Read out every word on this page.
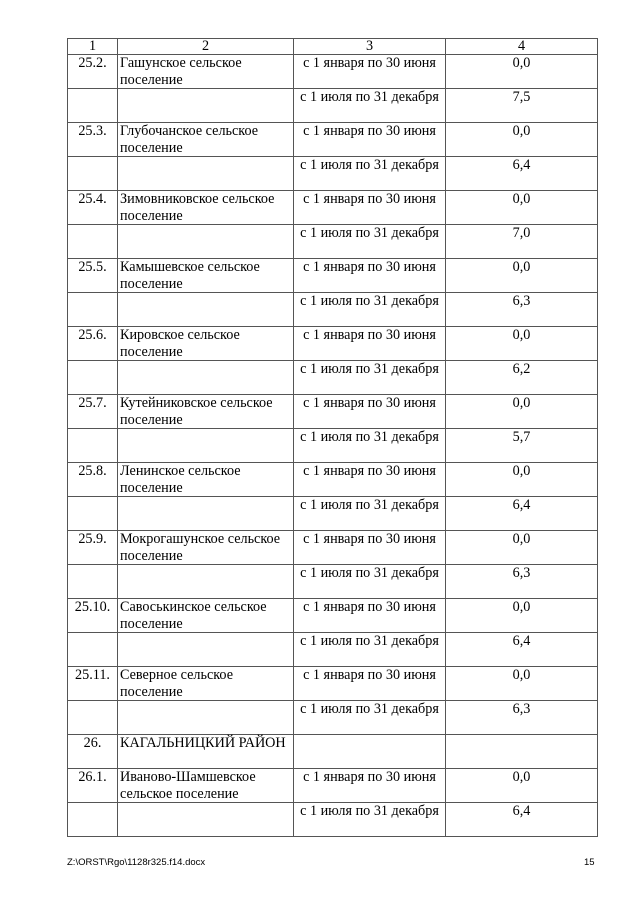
1	2	3	4
25.2.	Гашунское сельское поселение	с 1 января по 30 июня	0,0
		с 1 июля по 31 декабря	7,5
25.3.	Глубочанское сельское поселение	с 1 января по 30 июня	0,0
		с 1 июля по 31 декабря	6,4
25.4.	Зимовниковское сельское поселение	с 1 января по 30 июня	0,0
		с 1 июля по 31 декабря	7,0
25.5.	Камышевское сельское поселение	с 1 января по 30 июня	0,0
		с 1 июля по 31 декабря	6,3
25.6.	Кировское сельское поселение	с 1 января по 30 июня	0,0
		с 1 июля по 31 декабря	6,2
25.7.	Кутейниковское сельское поселение	с 1 января по 30 июня	0,0
		с 1 июля по 31 декабря	5,7
25.8.	Ленинское сельское поселение	с 1 января по 30 июня	0,0
		с 1 июля по 31 декабря	6,4
25.9.	Мокрогашунское сельское поселение	с 1 января по 30 июня	0,0
		с 1 июля по 31 декабря	6,3
25.10.	Савоськинское сельское поселение	с 1 января по 30 июня	0,0
		с 1 июля по 31 декабря	6,4
25.11.	Северное сельское поселение	с 1 января по 30 июня	0,0
		с 1 июля по 31 декабря	6,3
26.	КАГАЛЬНИЦКИЙ РАЙОН		
26.1.	Иваново-Шамшевское сельское поселение	с 1 января по 30 июня	0,0
		с 1 июля по 31 декабря	6,4
Z:\ORST\Rgo\1128r325.f14.docx	15
